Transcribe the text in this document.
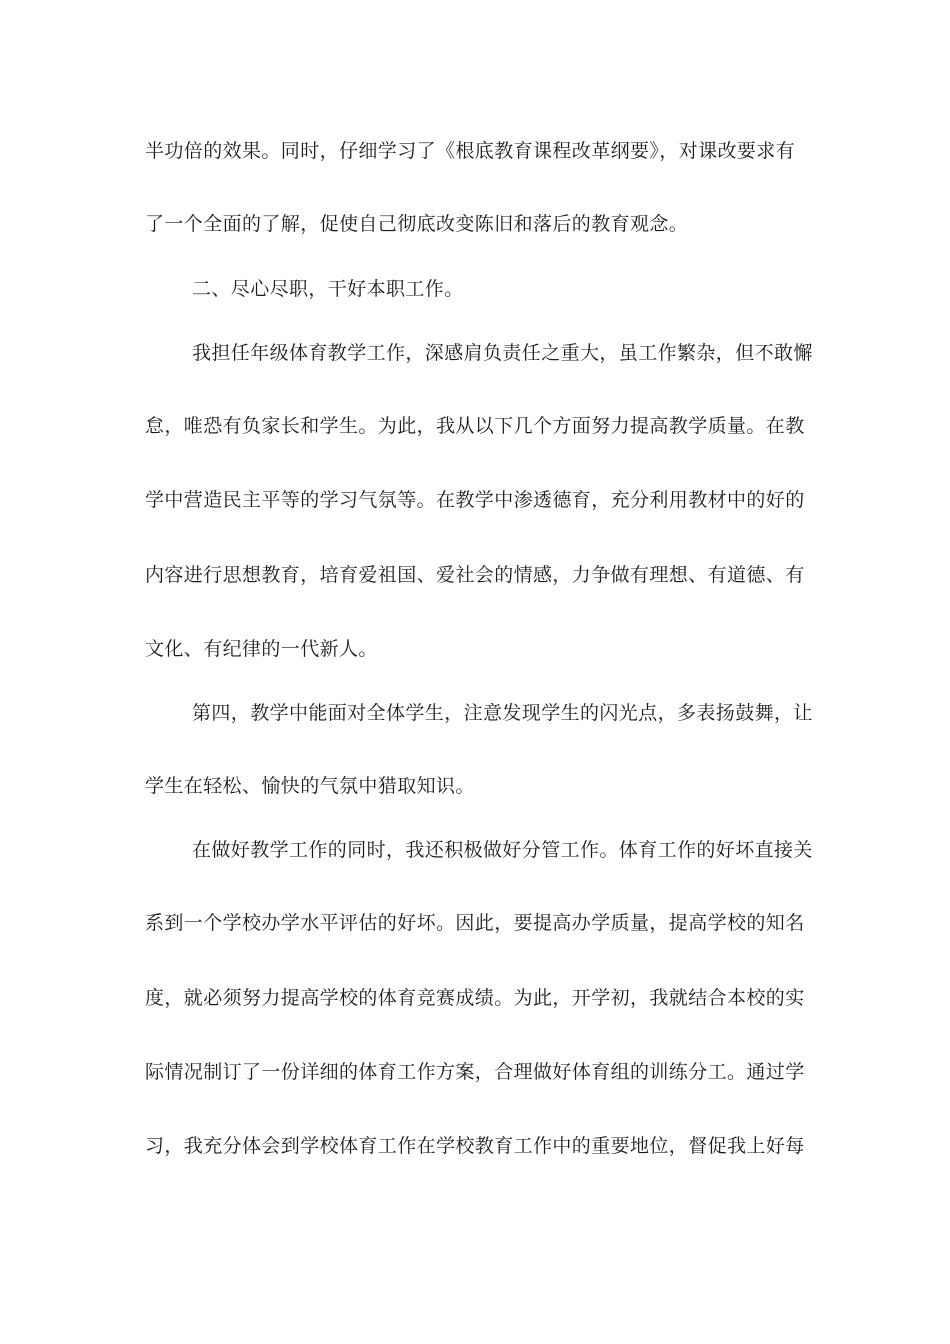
半功倍的效果。同时，仔细学习了《根底教育课程改革纲要》，对课改要求有
了一个全面的了解，促使自己彻底改变陈旧和落后的教育观念。
二、尽心尽职，干好本职工作。
我担任年级体育教学工作，深感肩负责任之重大，虽工作繁杂，但不敢懈
怠，唯恐有负家长和学生。为此，我从以下几个方面努力提高教学质量。在教
学中营造民主平等的学习气氛等。在教学中渗透德育，充分利用教材中的好的
内容进行思想教育，培育爱祖国、爱社会的情感，力争做有理想、有道德、有
文化、有纪律的一代新人。
第四，教学中能面对全体学生，注意发现学生的闪光点，多表扬鼓舞，让
学生在轻松、愉快的气氛中猎取知识。
在做好教学工作的同时，我还积极做好分管工作。体育工作的好坏直接关
系到一个学校办学水平评估的好坏。因此，要提高办学质量，提高学校的知名
度，就必须努力提高学校的体育竞赛成绩。为此，开学初，我就结合本校的实
际情况制订了一份详细的体育工作方案，合理做好体育组的训练分工。通过学
习，我充分体会到学校体育工作在学校教育工作中的重要地位，督促我上好每
